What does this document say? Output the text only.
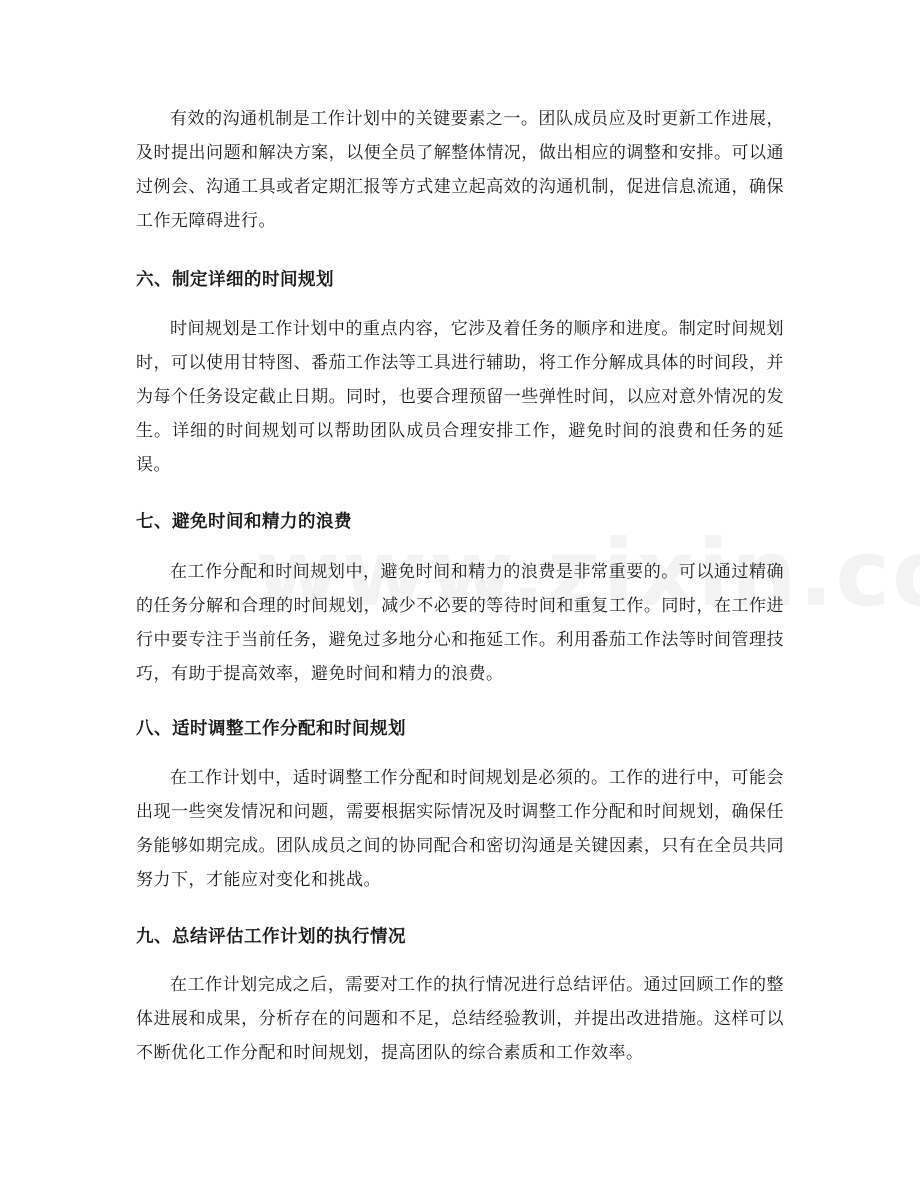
有效的沟通机制是工作计划中的关键要素之一。团队成员应及时更新工作进展，及时提出问题和解决方案，以便全员了解整体情况，做出相应的调整和安排。可以通过例会、沟通工具或者定期汇报等方式建立起高效的沟通机制，促进信息流通，确保工作无障碍进行。

六、制定详细的时间规划

时间规划是工作计划中的重点内容，它涉及着任务的顺序和进度。制定时间规划时，可以使用甘特图、番茄工作法等工具进行辅助，将工作分解成具体的时间段，并为每个任务设定截止日期。同时，也要合理预留一些弹性时间，以应对意外情况的发生。详细的时间规划可以帮助团队成员合理安排工作，避免时间的浪费和任务的延误。

七、避免时间和精力的浪费

在工作分配和时间规划中，避免时间和精力的浪费是非常重要的。可以通过精确的任务分解和合理的时间规划，减少不必要的等待时间和重复工作。同时，在工作进行中要专注于当前任务，避免过多地分心和拖延工作。利用番茄工作法等时间管理技巧，有助于提高效率，避免时间和精力的浪费。

八、适时调整工作分配和时间规划

在工作计划中，适时调整工作分配和时间规划是必须的。工作的进行中，可能会出现一些突发情况和问题，需要根据实际情况及时调整工作分配和时间规划，确保任务能够如期完成。团队成员之间的协同配合和密切沟通是关键因素，只有在全员共同努力下，才能应对变化和挑战。

九、总结评估工作计划的执行情况

在工作计划完成之后，需要对工作的执行情况进行总结评估。通过回顾工作的整体进展和成果，分析存在的问题和不足，总结经验教训，并提出改进措施。这样可以不断优化工作分配和时间规划，提高团队的综合素质和工作效率。
